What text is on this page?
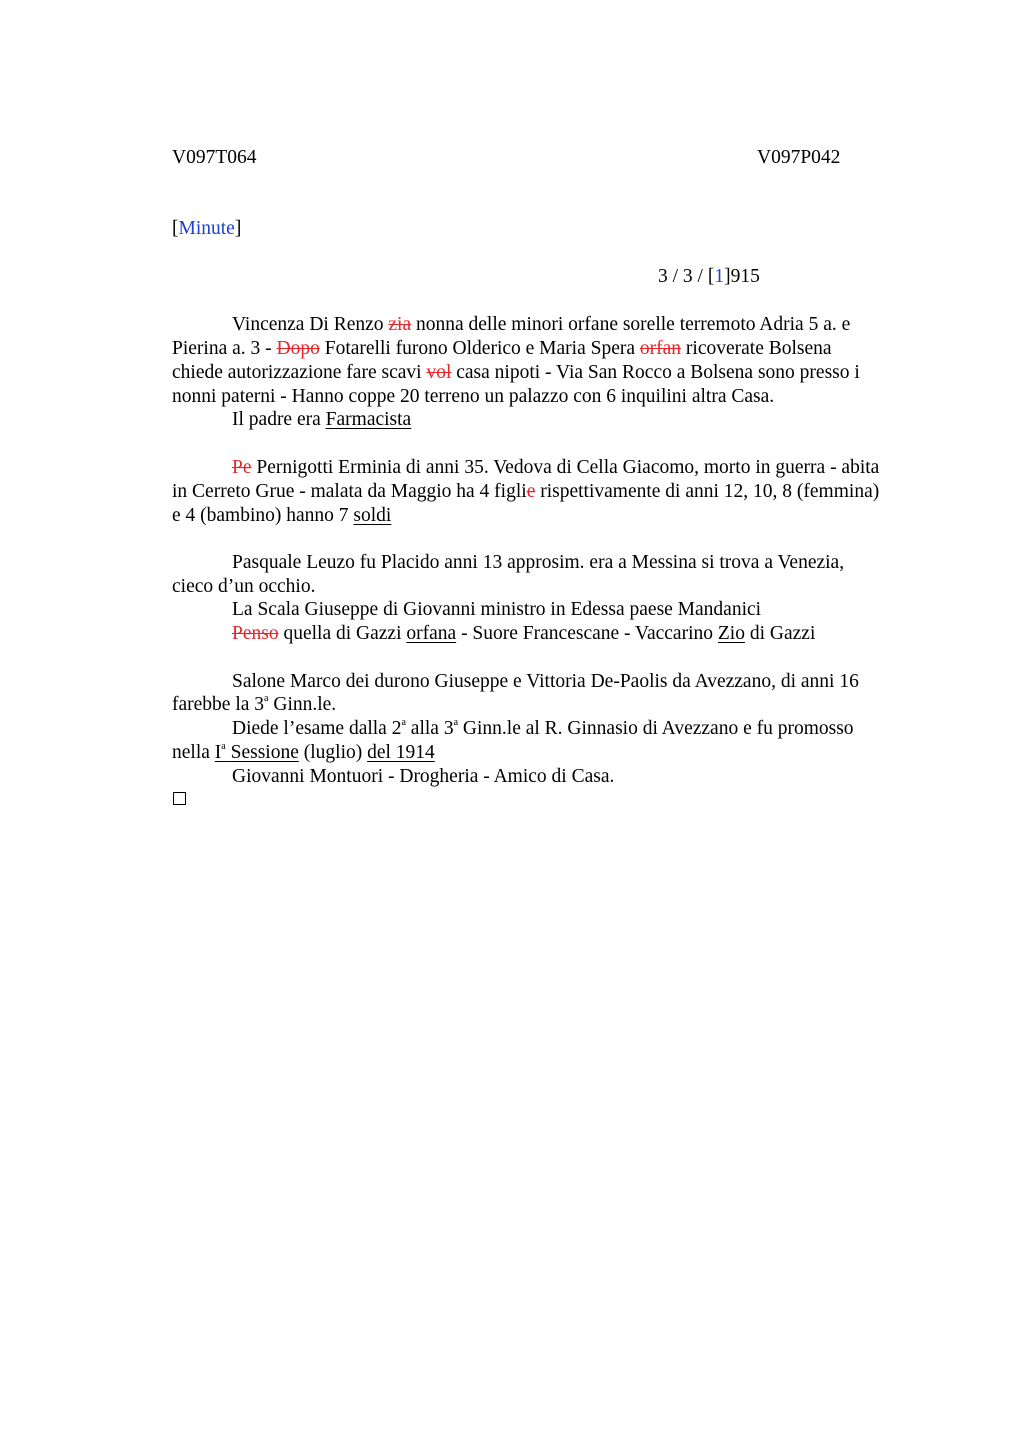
V097T064	V097P042
[Minute]
3 / 3 / [1]915
Vincenza Di Renzo zia nonna delle minori orfane sorelle terremoto Adria 5 a. e
Pierina a. 3 - Dopo Fotarelli furono Olderico e Maria Spera orfan ricoverate Bolsena
chiede autorizzazione fare scavi vol casa nipoti - Via San Rocco a Bolsena sono presso i
nonni paterni - Hanno coppe 20 terreno un palazzo con 6 inquilini altra Casa.
Il padre era Farmacista
Pe Pernigotti Erminia di anni 35. Vedova di Cella Giacomo, morto in guerra - abita
in Cerreto Grue - malata da Maggio ha 4 figlie rispettivamente di anni 12, 10, 8 (femmina)
e 4 (bambino) hanno 7 soldi
Pasquale Leuzo fu Placido anni 13 approsim. era a Messina si trova a Venezia,
cieco d’un occhio.
La Scala Giuseppe di Giovanni ministro in Edessa paese Mandanici
Penso quella di Gazzi orfana - Suore Francescane - Vaccarino Zio di Gazzi
Salone Marco dei durono Giuseppe e Vittoria De-Paolis da Avezzano, di anni 16
farebbe la 3$^a$ Ginn.le.
Diede l’esame dalla 2$^a$ alla 3$^a$ Ginn.le al R. Ginnasio di Avezzano e fu promosso
nella $I^a$ Sessione (luglio) del 1914
Giovanni Montuori - Drogheria - Amico di Casa.
